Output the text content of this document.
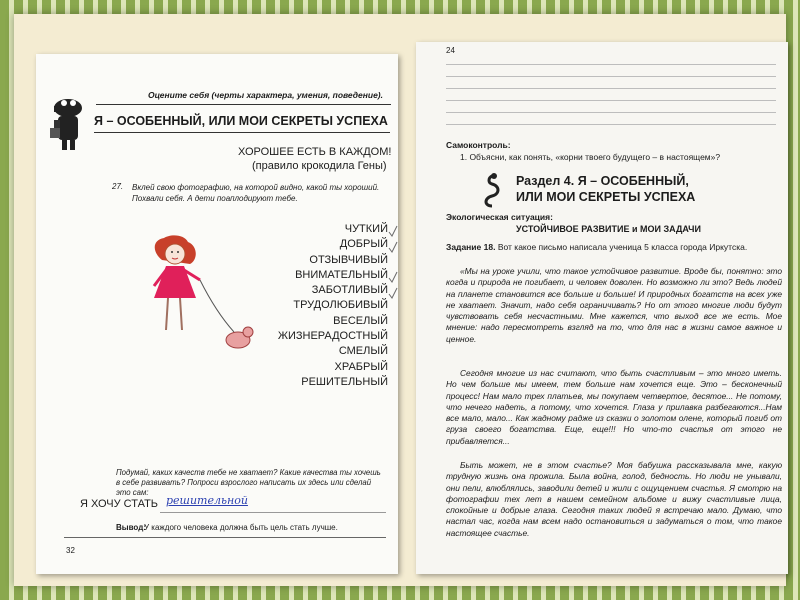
Оцените себя (черты характера, умения, поведение).
Я – ОСОБЕННЫЙ, ИЛИ МОИ СЕКРЕТЫ УСПЕХА
ХОРОШЕЕ ЕСТЬ В КАЖДОМ!
(правило крокодила Гены)
27. Вклей свою фотографию, на которой видно, какой ты хороший. Похвали себя. А дети поаплодируют тебе.
ЧУТКИЙ
ДОБРЫЙ
ОТЗЫВЧИВЫЙ
ВНИМАТЕЛЬНЫЙ
ЗАБОТЛИВЫЙ
ТРУДОЛЮБИВЫЙ
ВЕСЕЛЫЙ
ЖИЗНЕРАДОСТНЫЙ
СМЕЛЫЙ
ХРАБРЫЙ
РЕШИТЕЛЬНЫЙ
Подумай, каких качеств тебе не хватает? Какие качества ты хочешь в себе развивать? Попроси взрослого написать их здесь или сделай это сам:
Я ХОЧУ СТАТЬ решительной
Вывод:
У каждого человека должна быть цель стать лучше.
32
24
Самоконтроль:
1. Объясни, как понять, «корни твоего будущего – в настоящем»?
Раздел 4. Я – ОСОБЕННЫЙ,
ИЛИ МОИ СЕКРЕТЫ УСПЕХА
Экологическая ситуация:
УСТОЙЧИВОЕ РАЗВИТИЕ и МОИ ЗАДАЧИ
Задание 18. Вот какое письмо написала ученица 5 класса города Иркутска.
«Мы на уроке учили, что такое устойчивое развитие. Вроде бы, понятно: это когда и природа не погибает, и человек доволен. Но возможно ли это? Ведь людей на планете становится все больше и больше! И природных богатств на всех уже не хватает. Значит, надо себя ограничивать? Но от этого многие люди будут чувствовать себя несчастными. Мне кажется, что выход все же есть. Мое мнение: надо пересмотреть взгляд на то, что для нас в жизни самое важное и ценное.
Сегодня многие из нас считают, что быть счастливым – это много иметь. Но чем больше мы имеем, тем больше нам хочется еще. Это – бесконечный процесс! Нам мало трех платьев, мы покупаем четвертое, десятое... Не потому, что нечего надеть, а потому, что хочется. Глаза у прилавка разбегаются...Нам все мало, мало... Как жадному радже из сказки о золотом олене, который погиб от груза своего богатства. Еще, еще!!! Но что-то счастья от этого не прибавляется...
Быть может, не в этом счастье? Моя бабушка рассказывала мне, какую трудную жизнь она прожила. Была война, голод, бедность. Но люди не унывали, они пели, влюблялись, заводили детей и жили с ощущением счастья. Я смотрю на фотографии тех лет в нашем семейном альбоме и вижу счастливые лица, спокойные и добрые глаза. Сегодня таких людей я встречаю мало. Думаю, что настал час, когда нам всем надо остановиться и задуматься о том, что такое настоящее счастье.
